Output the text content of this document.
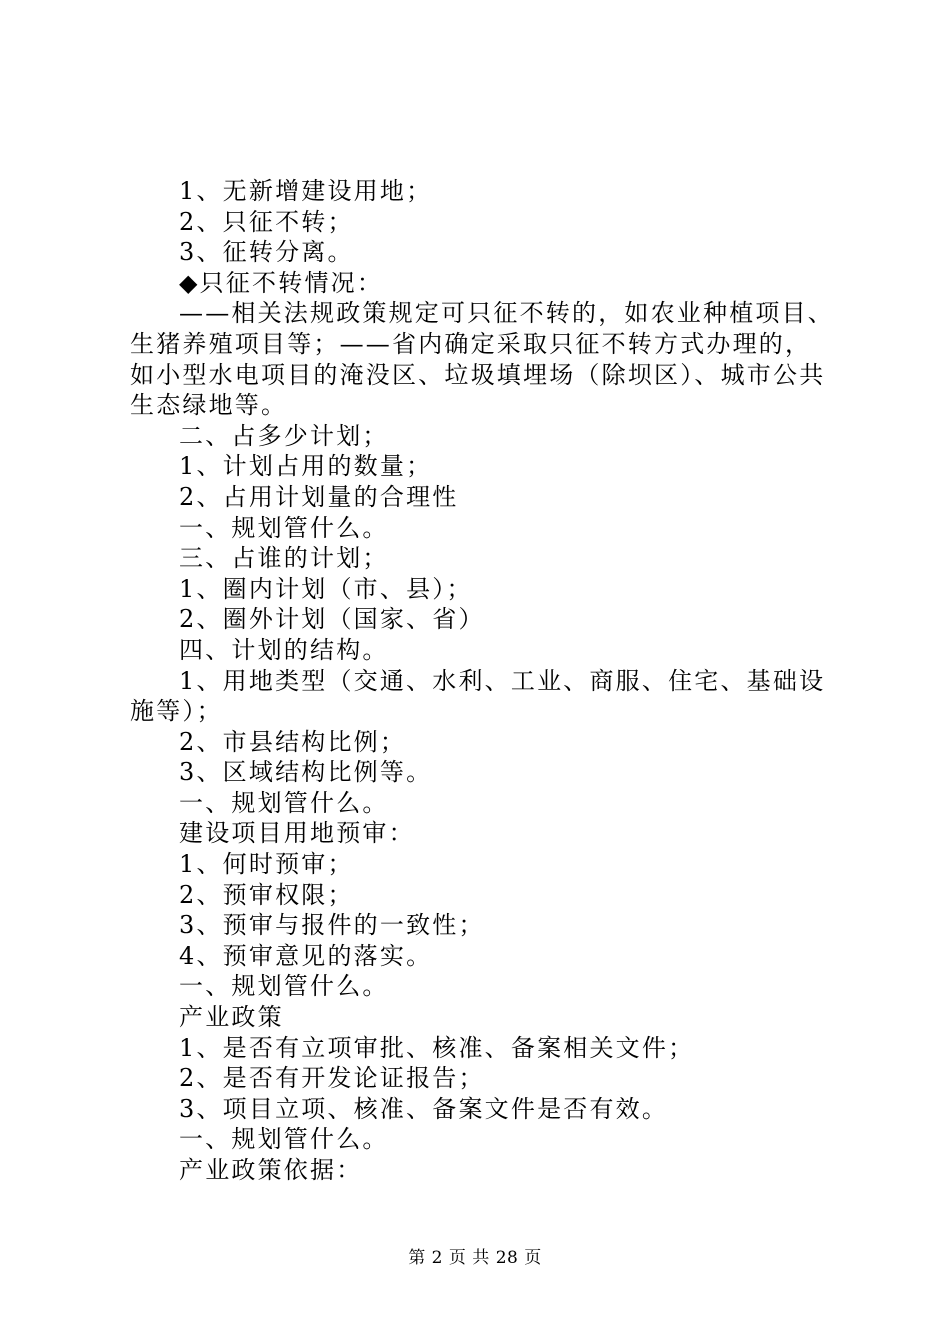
1、无新增建设用地；

2、只征不转；

3、征转分离。

◆只征不转情况：

——相关法规政策规定可只征不转的，如农业种植项目、生猪养殖项目等；——省内确定采取只征不转方式办理的，如小型水电项目的淹没区、垃圾填埋场（除坝区）、城市公共生态绿地等。

二、占多少计划；

1、计划占用的数量；

2、占用计划量的合理性

一、规划管什么。

三、占谁的计划；

1、圈内计划（市、县）；

2、圈外计划（国家、省）

四、计划的结构。

1、用地类型（交通、水利、工业、商服、住宅、基础设施等）；

2、市县结构比例；

3、区域结构比例等。

一、规划管什么。

建设项目用地预审：

1、何时预审；

2、预审权限；

3、预审与报件的一致性；

4、预审意见的落实。

一、规划管什么。

产业政策

1、是否有立项审批、核准、备案相关文件；

2、是否有开发论证报告；

3、项目立项、核准、备案文件是否有效。

一、规划管什么。

产业政策依据：

第 2 页 共 28 页
